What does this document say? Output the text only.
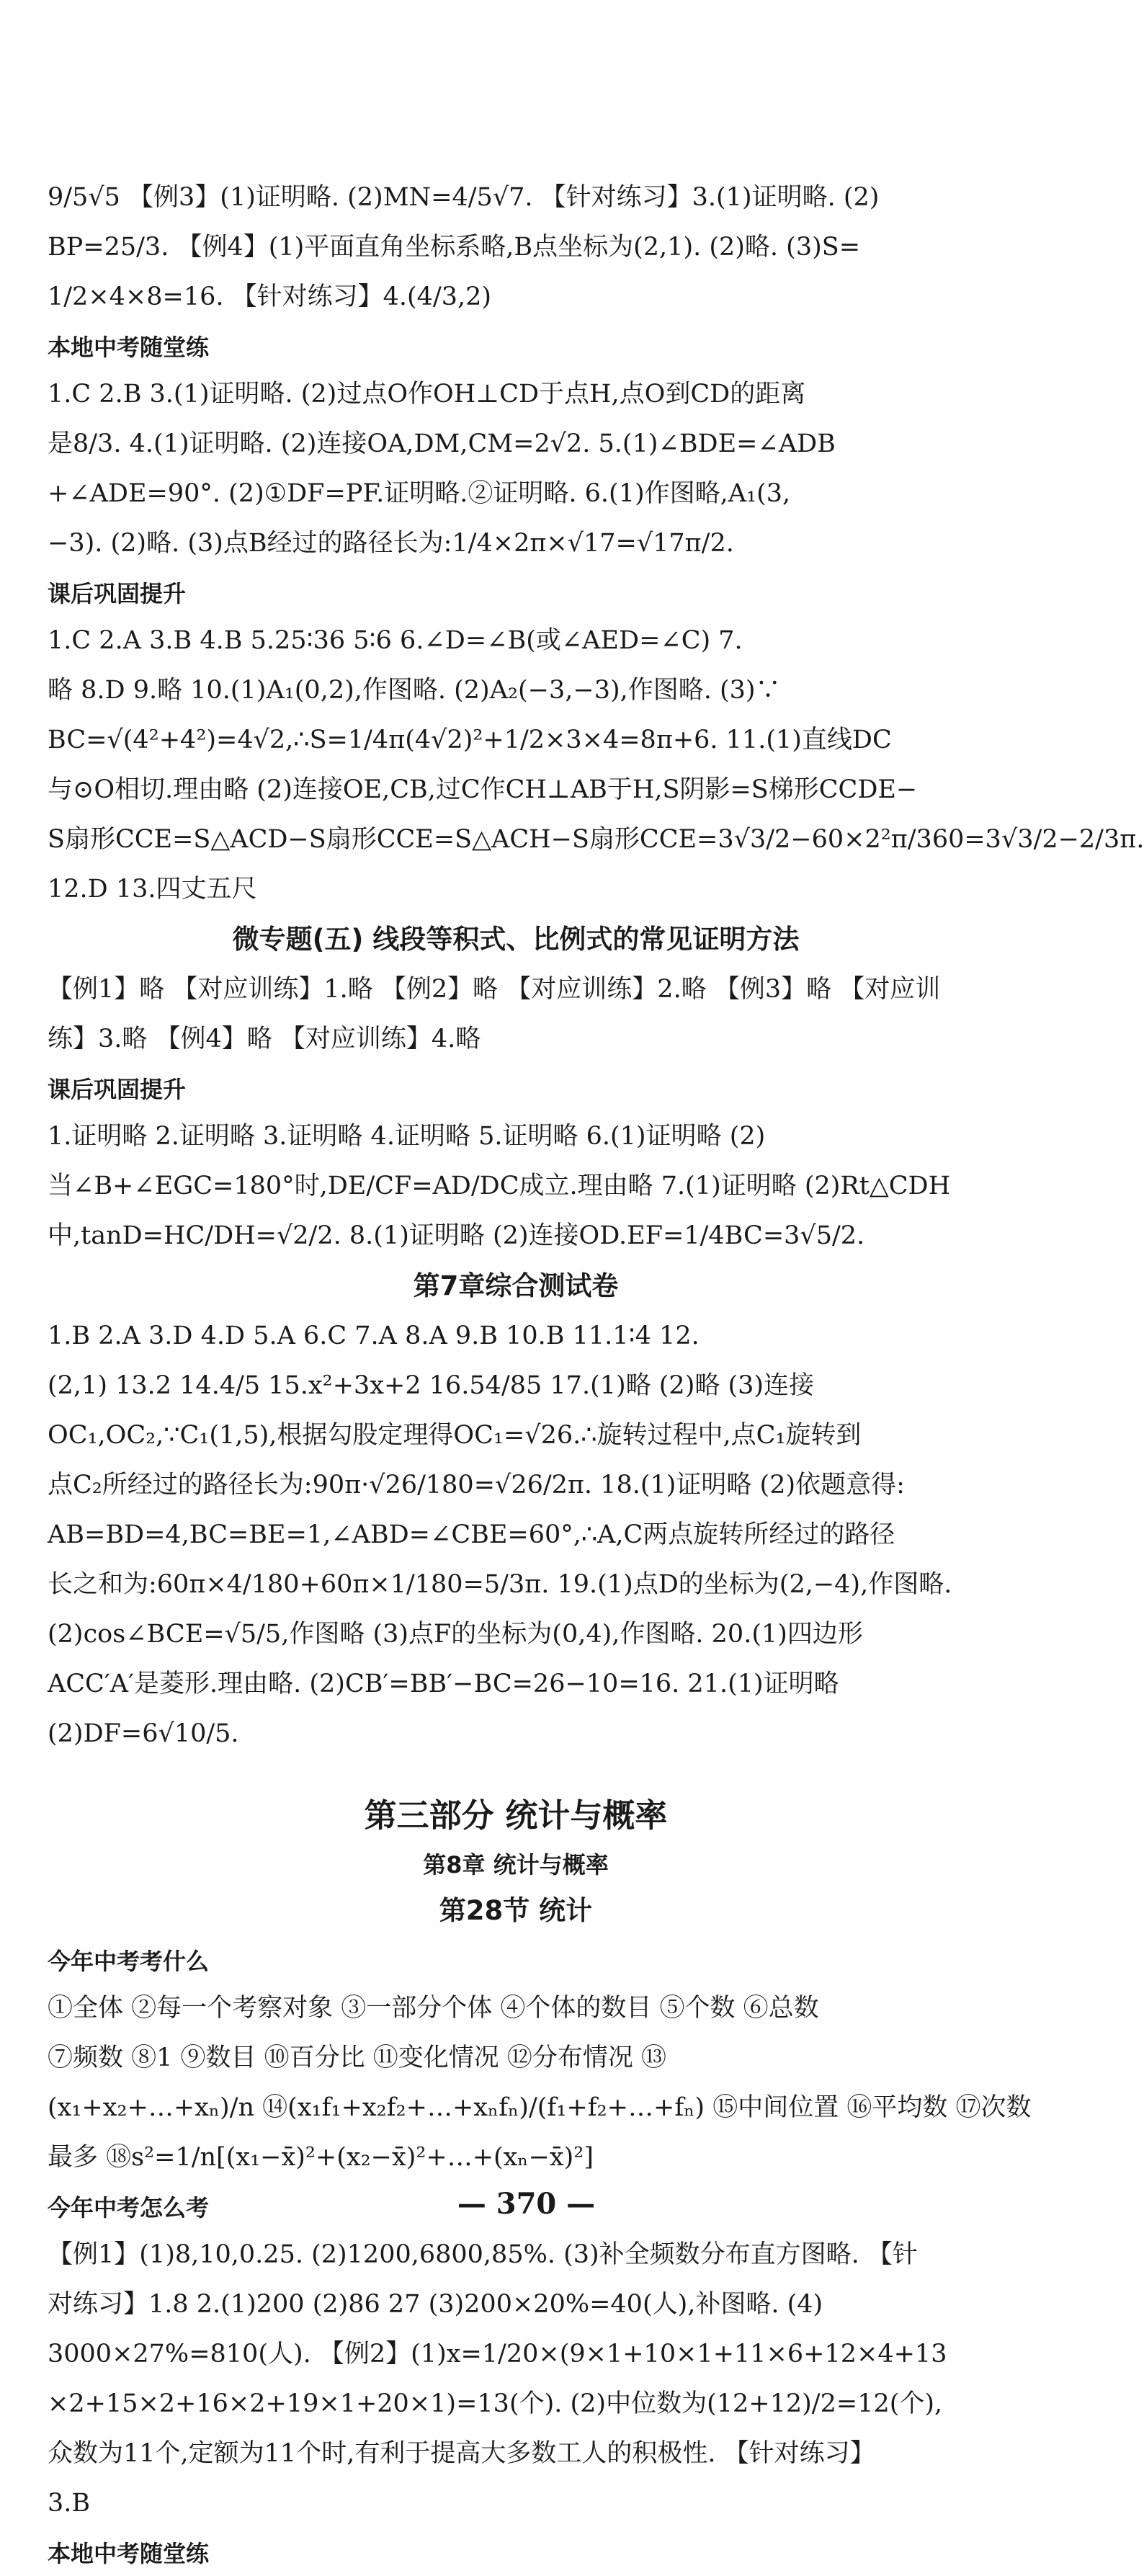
9/5√5 【例3】(1)证明略. (2)MN=4/5√7. 【针对练习】3.(1)证明略. (2)
BP=25/3. 【例4】(1)平面直角坐标系略,B点坐标为(2,1). (2)略. (3)S=
1/2×4×8=16. 【针对练习】4.(4/3,2)
本地中考随堂练
1.C 2.B 3.(1)证明略. (2)过点O作OH⊥CD于点H,点O到CD的距离
是8/3. 4.(1)证明略. (2)连接OA,DM,CM=2√2. 5.(1)∠BDE=∠ADB
+∠ADE=90°. (2)①DF=PF.证明略.②证明略. 6.(1)作图略,A₁(3,
−3). (2)略. (3)点B经过的路径长为:1/4×2π×√17=√17π/2.
课后巩固提升
1.C 2.A 3.B 4.B 5.25∶36 5∶6 6.∠D=∠B(或∠AED=∠C) 7.
略 8.D 9.略 10.(1)A₁(0,2),作图略. (2)A₂(−3,−3),作图略. (3)∵
BC=√(4²+4²)=4√2,∴S=1/4π(4√2)²+1/2×3×4=8π+6. 11.(1)直线DC
与⊙O相切.理由略 (2)连接OE,CB,过C作CH⊥AB于H,S阴影=S梯形CCDE−
S扇形CCE=S△ACD−S扇形CCE=S△ACH−S扇形CCE=3√3/2−60×2²π/360=3√3/2−2/3π.
12.D 13.四丈五尺
微专题(五) 线段等积式、比例式的常见证明方法
【例1】略 【对应训练】1.略 【例2】略 【对应训练】2.略 【例3】略 【对应训
练】3.略 【例4】略 【对应训练】4.略
课后巩固提升
1.证明略 2.证明略 3.证明略 4.证明略 5.证明略 6.(1)证明略 (2)
当∠B+∠EGC=180°时,DE/CF=AD/DC成立.理由略 7.(1)证明略 (2)Rt△CDH
中,tanD=HC/DH=√2/2. 8.(1)证明略 (2)连接OD.EF=1/4BC=3√5/2.
第7章综合测试卷
1.B 2.A 3.D 4.D 5.A 6.C 7.A 8.A 9.B 10.B 11.1∶4 12.
(2,1) 13.2 14.4/5 15.x²+3x+2 16.54/85 17.(1)略 (2)略 (3)连接
OC₁,OC₂,∵C₁(1,5),根据勾股定理得OC₁=√26.∴旋转过程中,点C₁旋转到
点C₂所经过的路径长为:90π·√26/180=√26/2π. 18.(1)证明略 (2)依题意得:
AB=BD=4,BC=BE=1,∠ABD=∠CBE=60°,∴A,C两点旋转所经过的路径
长之和为:60π×4/180+60π×1/180=5/3π. 19.(1)点D的坐标为(2,−4),作图略.
(2)cos∠BCE=√5/5,作图略 (3)点F的坐标为(0,4),作图略. 20.(1)四边形
ACC′A′是菱形.理由略. (2)CB′=BB′−BC=26−10=16. 21.(1)证明略
(2)DF=6√10/5.
第三部分 统计与概率
第8章 统计与概率
第28节 统计
今年中考考什么
①全体 ②每一个考察对象 ③一部分个体 ④个体的数目 ⑤个数 ⑥总数
⑦频数 ⑧1 ⑨数目 ⑩百分比 ⑪变化情况 ⑫分布情况 ⑬
(x₁+x₂+…+xₙ)/n ⑭(x₁f₁+x₂f₂+…+xₙfₙ)/(f₁+f₂+…+fₙ) ⑮中间位置 ⑯平均数 ⑰次数
最多 ⑱s²=1/n[(x₁−x̄)²+(x₂−x̄)²+…+(xₙ−x̄)²]
今年中考怎么考
【例1】(1)8,10,0.25. (2)1200,6800,85%. (3)补全频数分布直方图略. 【针
对练习】1.8 2.(1)200 (2)86 27 (3)200×20%=40(人),补图略. (4)
3000×27%=810(人). 【例2】(1)x=1/20×(9×1+10×1+11×6+12×4+13
×2+15×2+16×2+19×1+20×1)=13(个). (2)中位数为(12+12)/2=12(个),
众数为11个,定额为11个时,有利于提高大多数工人的积极性. 【针对练习】
3.B
本地中考随堂练
— 370 —
